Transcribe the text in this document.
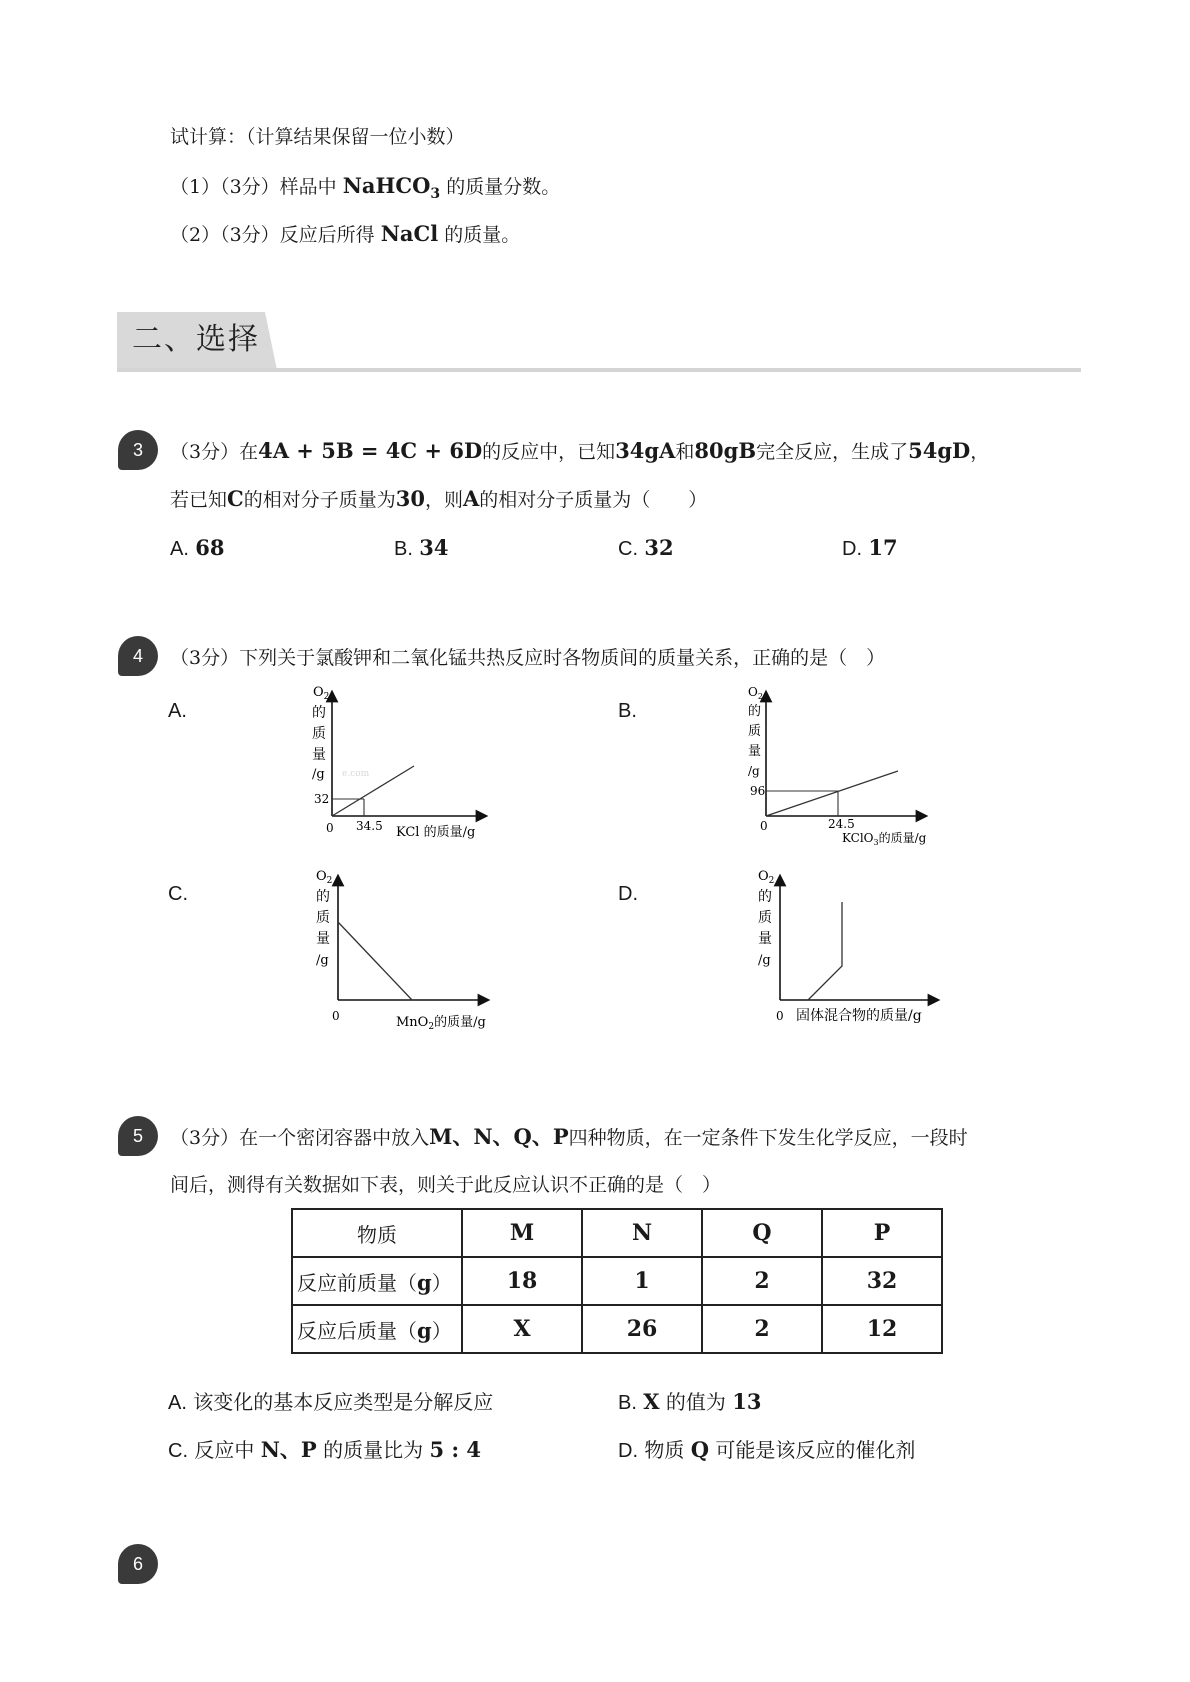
试计算：（计算结果保留一位小数）
（1）（3分）样品中 NaHCO$_3$ 的质量分数。
（2）（3分）反应后所得 NaCl 的质量。
二、选择
3	（3分）在4A + 5B = 4C + 6D的反应中，已知34gA和80gB完全反应，生成了54gD，
若已知C的相对分子质量为30，则A的相对分子质量为（　　）
A. 68	B. 34	C. 32	D. 17
4	（3分）下列关于氯酸钾和二氧化锰共热反应时各物质间的质量关系，正确的是（　）
A.	B.
C.	D.
$O_2$
的
质
量
/g e.com
32
0 34.5 KCl 的质量/g
$O_2$
的
质
量
/g
96
0	24.5
KClO$_3$的质量/g
$O_2$
的
质
量
/g
0	MnO$_2$的质量/g
$O_2$
的
质
量
/g
0 固体混合物的质量/g
5	（3分）在一个密闭容器中放入M、N、Q、P四种物质，在一定条件下发生化学反应，一段时
间后，测得有关数据如下表，则关于此反应认识不正确的是（　）
物质	M	N	Q	P
反应前质量（g）	18	1	2	32
反应后质量（g）	X	26	2	12
A. 该变化的基本反应类型是分解反应	B. X 的值为 13
C. 反应中 N、P 的质量比为 5 : 4	D. 物质 Q 可能是该反应的催化剂
6
